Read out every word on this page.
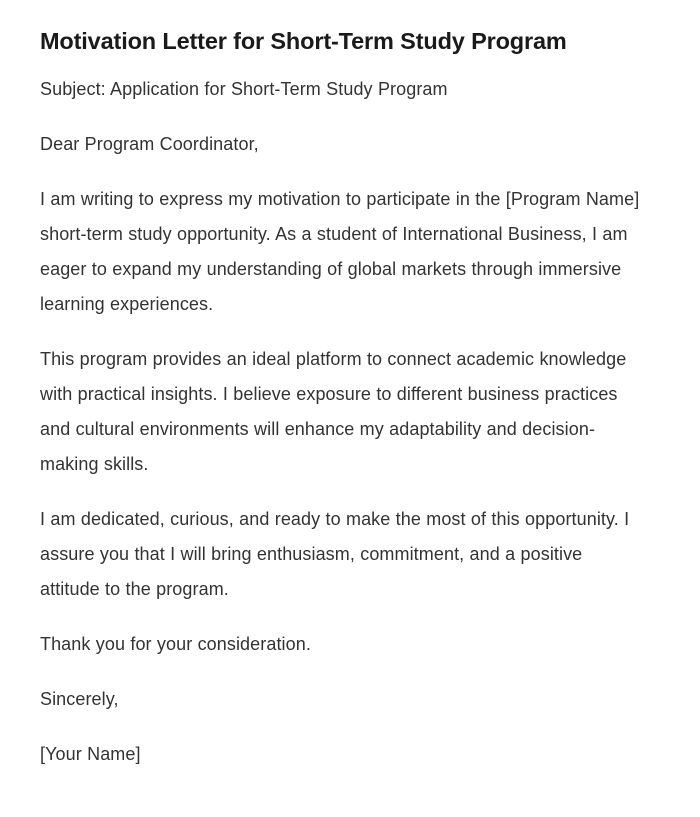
Motivation Letter for Short-Term Study Program

Subject: Application for Short-Term Study Program

Dear Program Coordinator,

I am writing to express my motivation to participate in the [Program Name] short-term study opportunity. As a student of International Business, I am eager to expand my understanding of global markets through immersive learning experiences.

This program provides an ideal platform to connect academic knowledge with practical insights. I believe exposure to different business practices and cultural environments will enhance my adaptability and decision-making skills.

I am dedicated, curious, and ready to make the most of this opportunity. I assure you that I will bring enthusiasm, commitment, and a positive attitude to the program.

Thank you for your consideration.

Sincerely,

[Your Name]
